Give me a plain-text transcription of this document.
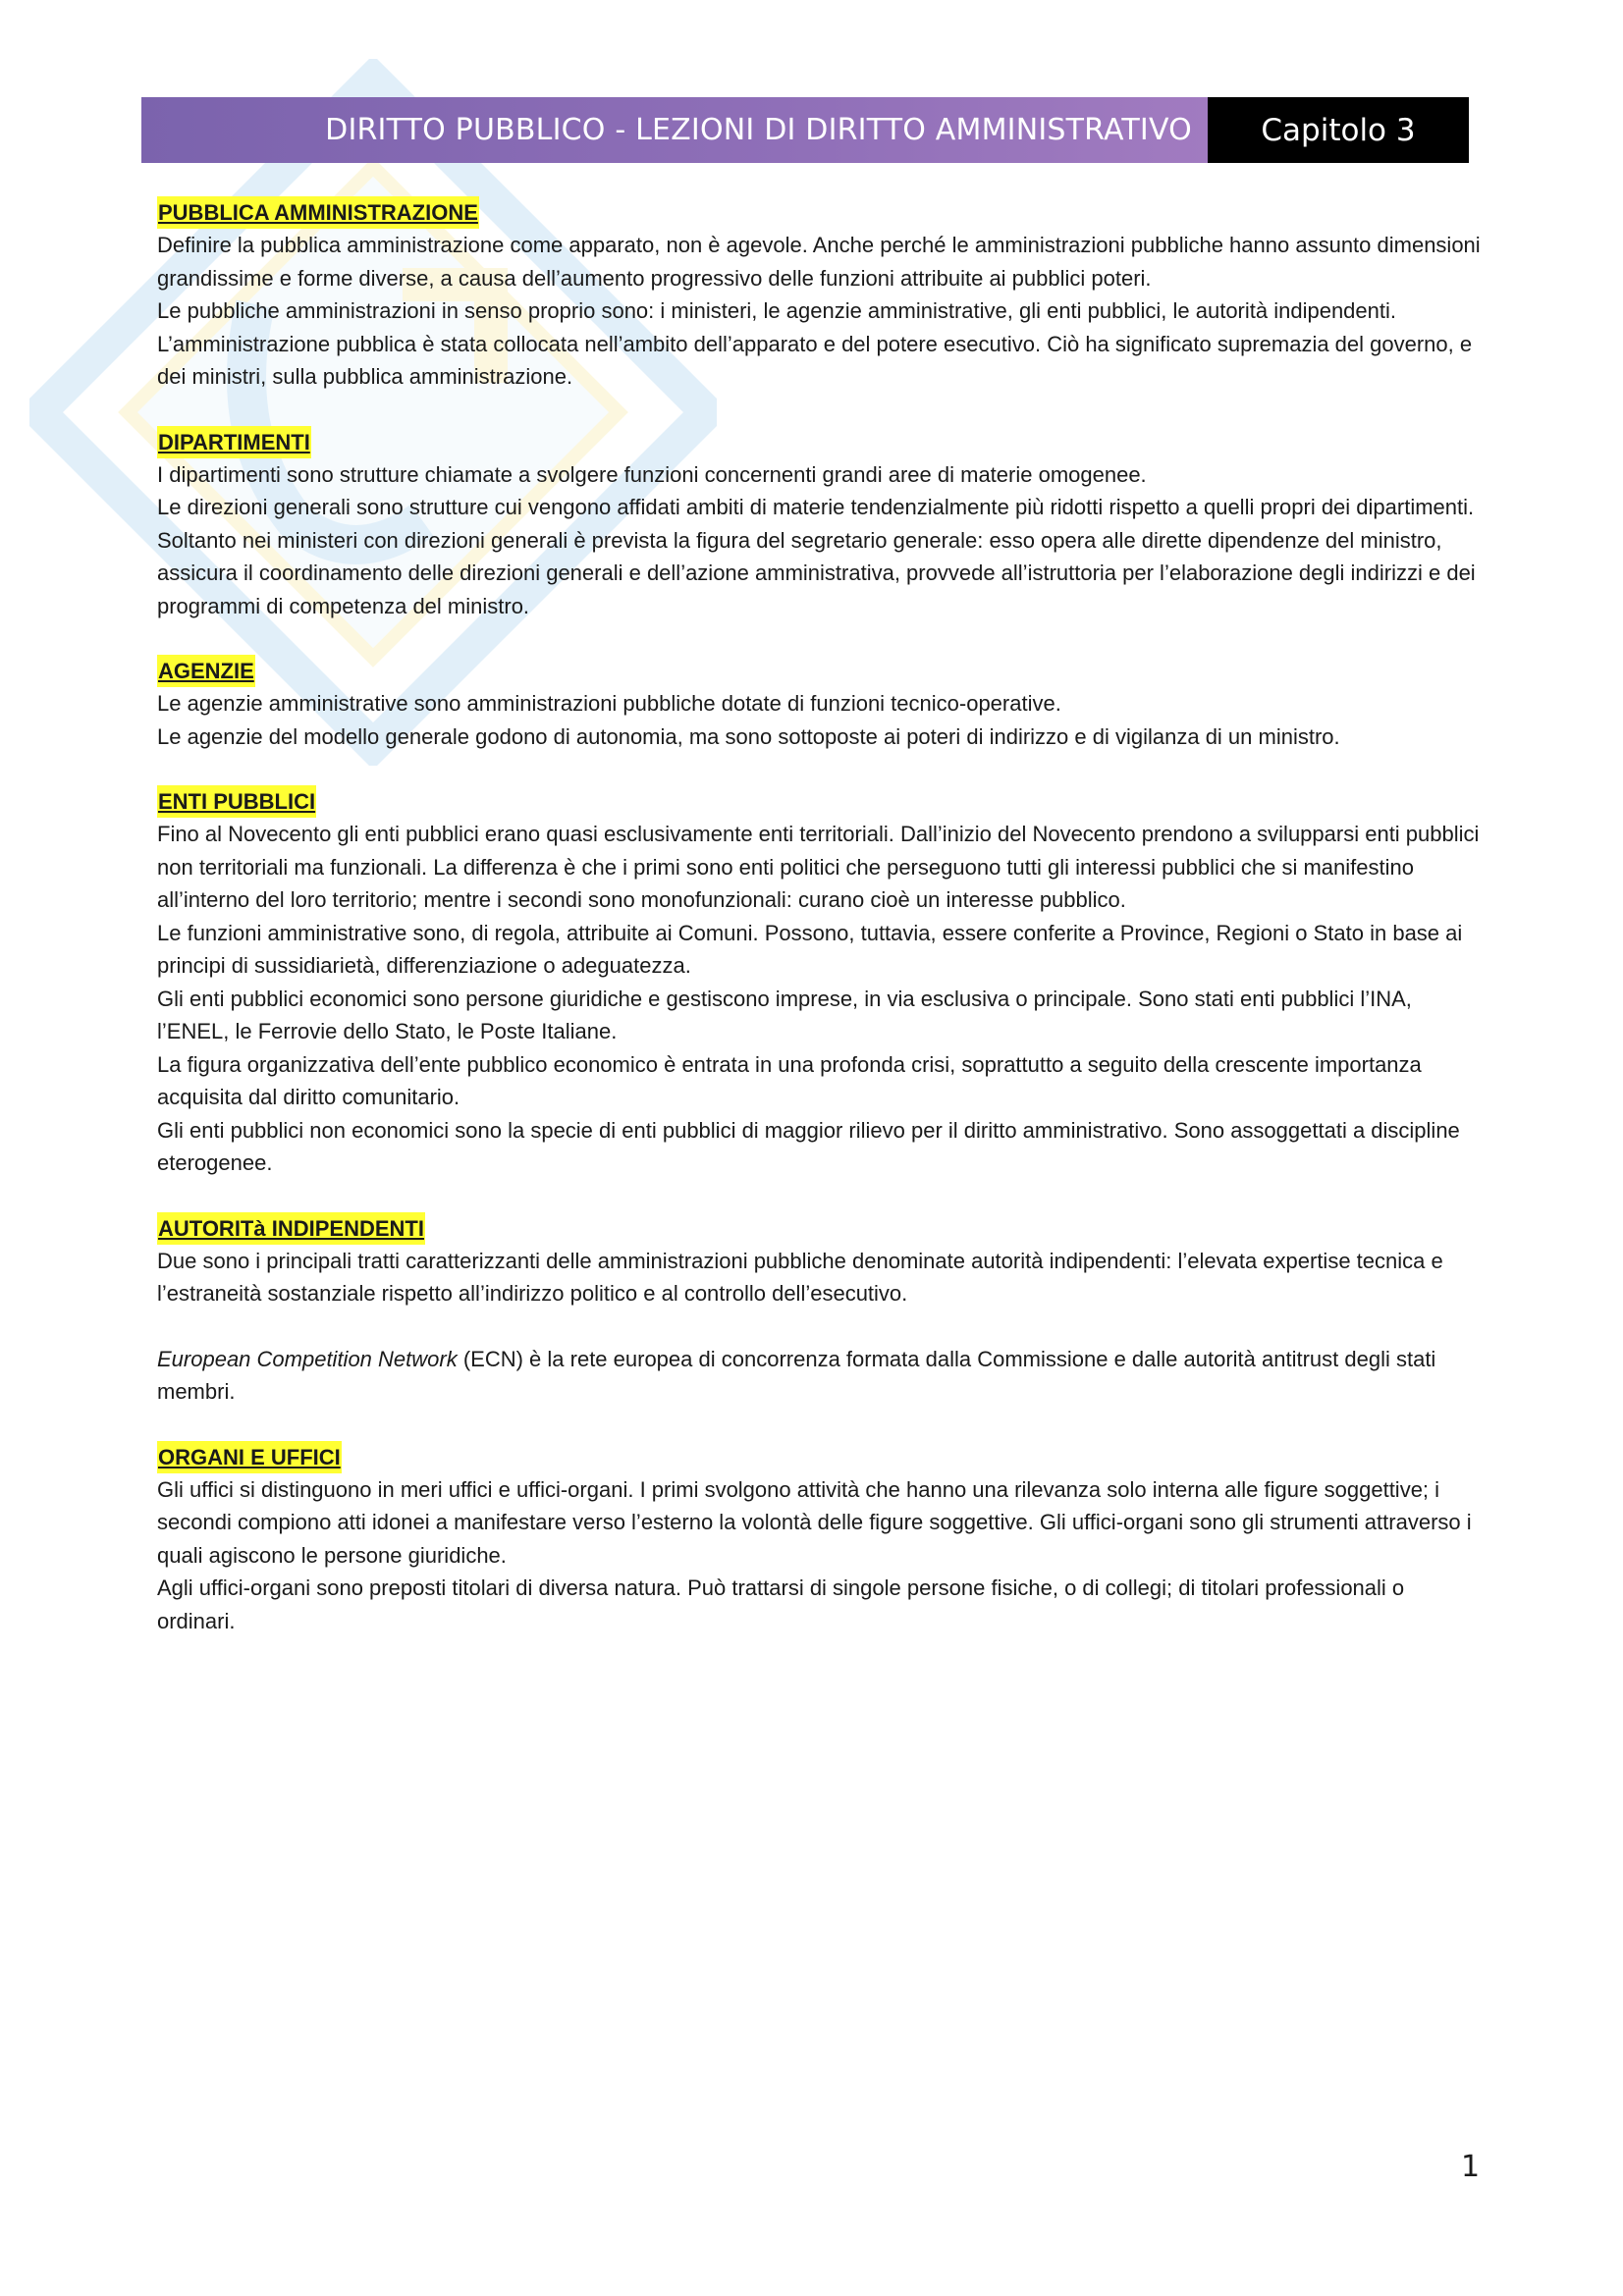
DIRITTO PUBBLICO - LEZIONI DI DIRITTO AMMINISTRATIVO	Capitolo 3
PUBBLICA AMMINISTRAZIONE

Definire la pubblica amministrazione come apparato, non è agevole. Anche perché le amministrazioni pubbliche hanno assunto dimensioni grandissime e forme diverse, a causa dell’aumento progressivo delle funzioni attribuite ai pubblici poteri.

Le pubbliche amministrazioni in senso proprio sono: i ministeri, le agenzie amministrative, gli enti pubblici, le autorità indipendenti.

L’amministrazione pubblica è stata collocata nell’ambito dell’apparato e del potere esecutivo. Ciò ha significato supremazia del governo, e dei ministri, sulla pubblica amministrazione.

DIPARTIMENTI

I dipartimenti sono strutture chiamate a svolgere funzioni concernenti grandi aree di materie omogenee.

Le direzioni generali sono strutture cui vengono affidati ambiti di materie tendenzialmente più ridotti rispetto a quelli propri dei dipartimenti.

Soltanto nei ministeri con direzioni generali è prevista la figura del segretario generale: esso opera alle dirette dipendenze del ministro, assicura il coordinamento delle direzioni generali e dell’azione amministrativa, provvede all’istruttoria per l’elaborazione degli indirizzi e dei programmi di competenza del ministro.

AGENZIE

Le agenzie amministrative sono amministrazioni pubbliche dotate di funzioni tecnico-operative.

Le agenzie del modello generale godono di autonomia, ma sono sottoposte ai poteri di indirizzo e di vigilanza di un ministro.

ENTI PUBBLICI

Fino al Novecento gli enti pubblici erano quasi esclusivamente enti territoriali. Dall’inizio del Novecento prendono a svilupparsi enti pubblici non territoriali ma funzionali. La differenza è che i primi sono enti politici che perseguono tutti gli interessi pubblici che si manifestino all’interno del loro territorio; mentre i secondi sono monofunzionali: curano cioè un interesse pubblico.

Le funzioni amministrative sono, di regola, attribuite ai Comuni. Possono, tuttavia, essere conferite a Province, Regioni o Stato in base ai principi di sussidiarietà, differenziazione o adeguatezza.

Gli enti pubblici economici sono persone giuridiche e gestiscono imprese, in via esclusiva o principale. Sono stati enti pubblici l’INA, l’ENEL, le Ferrovie dello Stato, le Poste Italiane.

La figura organizzativa dell’ente pubblico economico è entrata in una profonda crisi, soprattutto a seguito della crescente importanza acquisita dal diritto comunitario.

Gli enti pubblici non economici sono la specie di enti pubblici di maggior rilievo per il diritto amministrativo. Sono assoggettati a discipline eterogenee.

AUTORITà INDIPENDENTI

Due sono i principali tratti caratterizzanti delle amministrazioni pubbliche denominate autorità indipendenti: l’elevata expertise tecnica e l’estraneità sostanziale rispetto all’indirizzo politico e al controllo dell’esecutivo.

European Competition Network (ECN) è la rete europea di concorrenza formata dalla Commissione e dalle autorità antitrust degli stati membri.

ORGANI E UFFICI

Gli uffici si distinguono in meri uffici e uffici-organi. I primi svolgono attività che hanno una rilevanza solo interna alle figure soggettive; i secondi compiono atti idonei a manifestare verso l’esterno la volontà delle figure soggettive. Gli uffici-organi sono gli strumenti attraverso i quali agiscono le persone giuridiche.

Agli uffici-organi sono preposti titolari di diversa natura. Può trattarsi di singole persone fisiche, o di collegi; di titolari professionali o ordinari.

1
